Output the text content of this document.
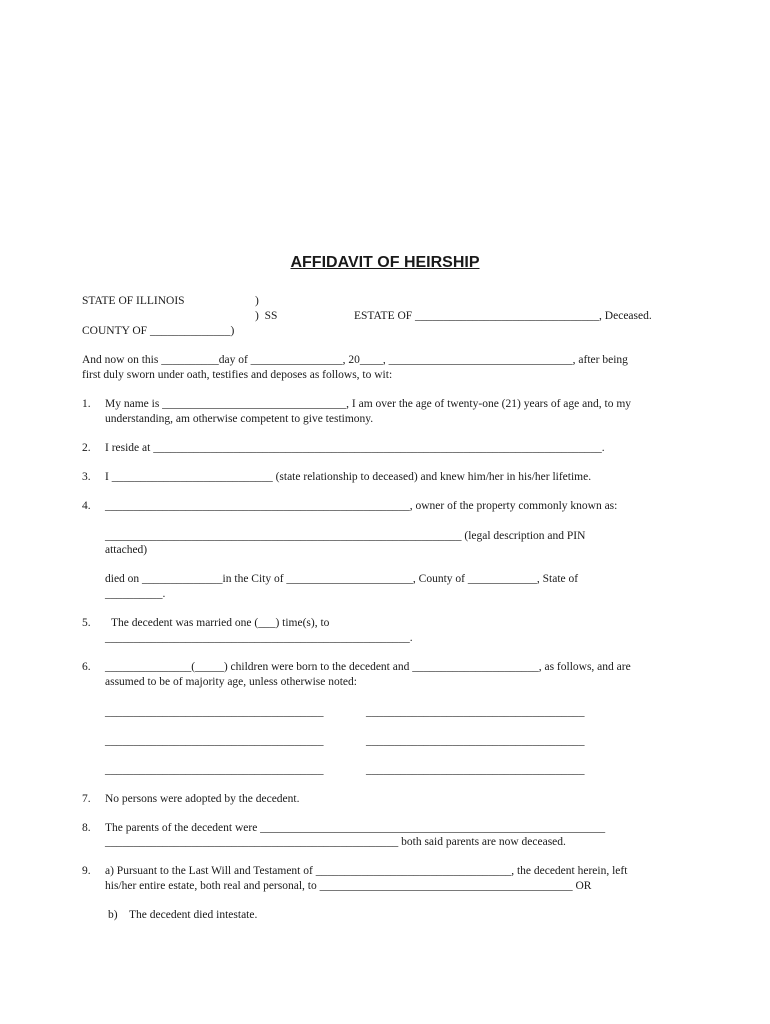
AFFIDAVIT OF HEIRSHIP
STATE OF ILLINOIS	)
)  SS	ESTATE OF ________________________________, Deceased.
COUNTY OF ______________)
And now on this __________day of ________________, 20____, ________________________________, after being
first duly sworn under oath, testifies and deposes as follows, to wit:
1. My name is ________________________________, I am over the age of twenty-one (21) years of age and, to my
understanding, am otherwise competent to give testimony.
2. I reside at ______________________________________________________________________________.
3. I ____________________________ (state relationship to deceased) and knew him/her in his/her lifetime.
4. _____________________________________________________, owner of the property commonly known as:
______________________________________________________________ (legal description and PIN
attached)
died on ______________in the City of ______________________, County of ____________, State of
__________.
5. The decedent was married one (___) time(s), to
_____________________________________________________.
6. _______________(_____) children were born to the decedent and ______________________, as follows, and are
assumed to be of majority age, unless otherwise noted:
______________________________________	______________________________________
______________________________________	______________________________________
______________________________________	______________________________________
7. No persons were adopted by the decedent.
8. The parents of the decedent were ____________________________________________________________
___________________________________________________ both said parents are now deceased.
9. a) Pursuant to the Last Will and Testament of __________________________________, the decedent herein, left
his/her entire estate, both real and personal, to ____________________________________________ OR
b) The decedent died intestate.
